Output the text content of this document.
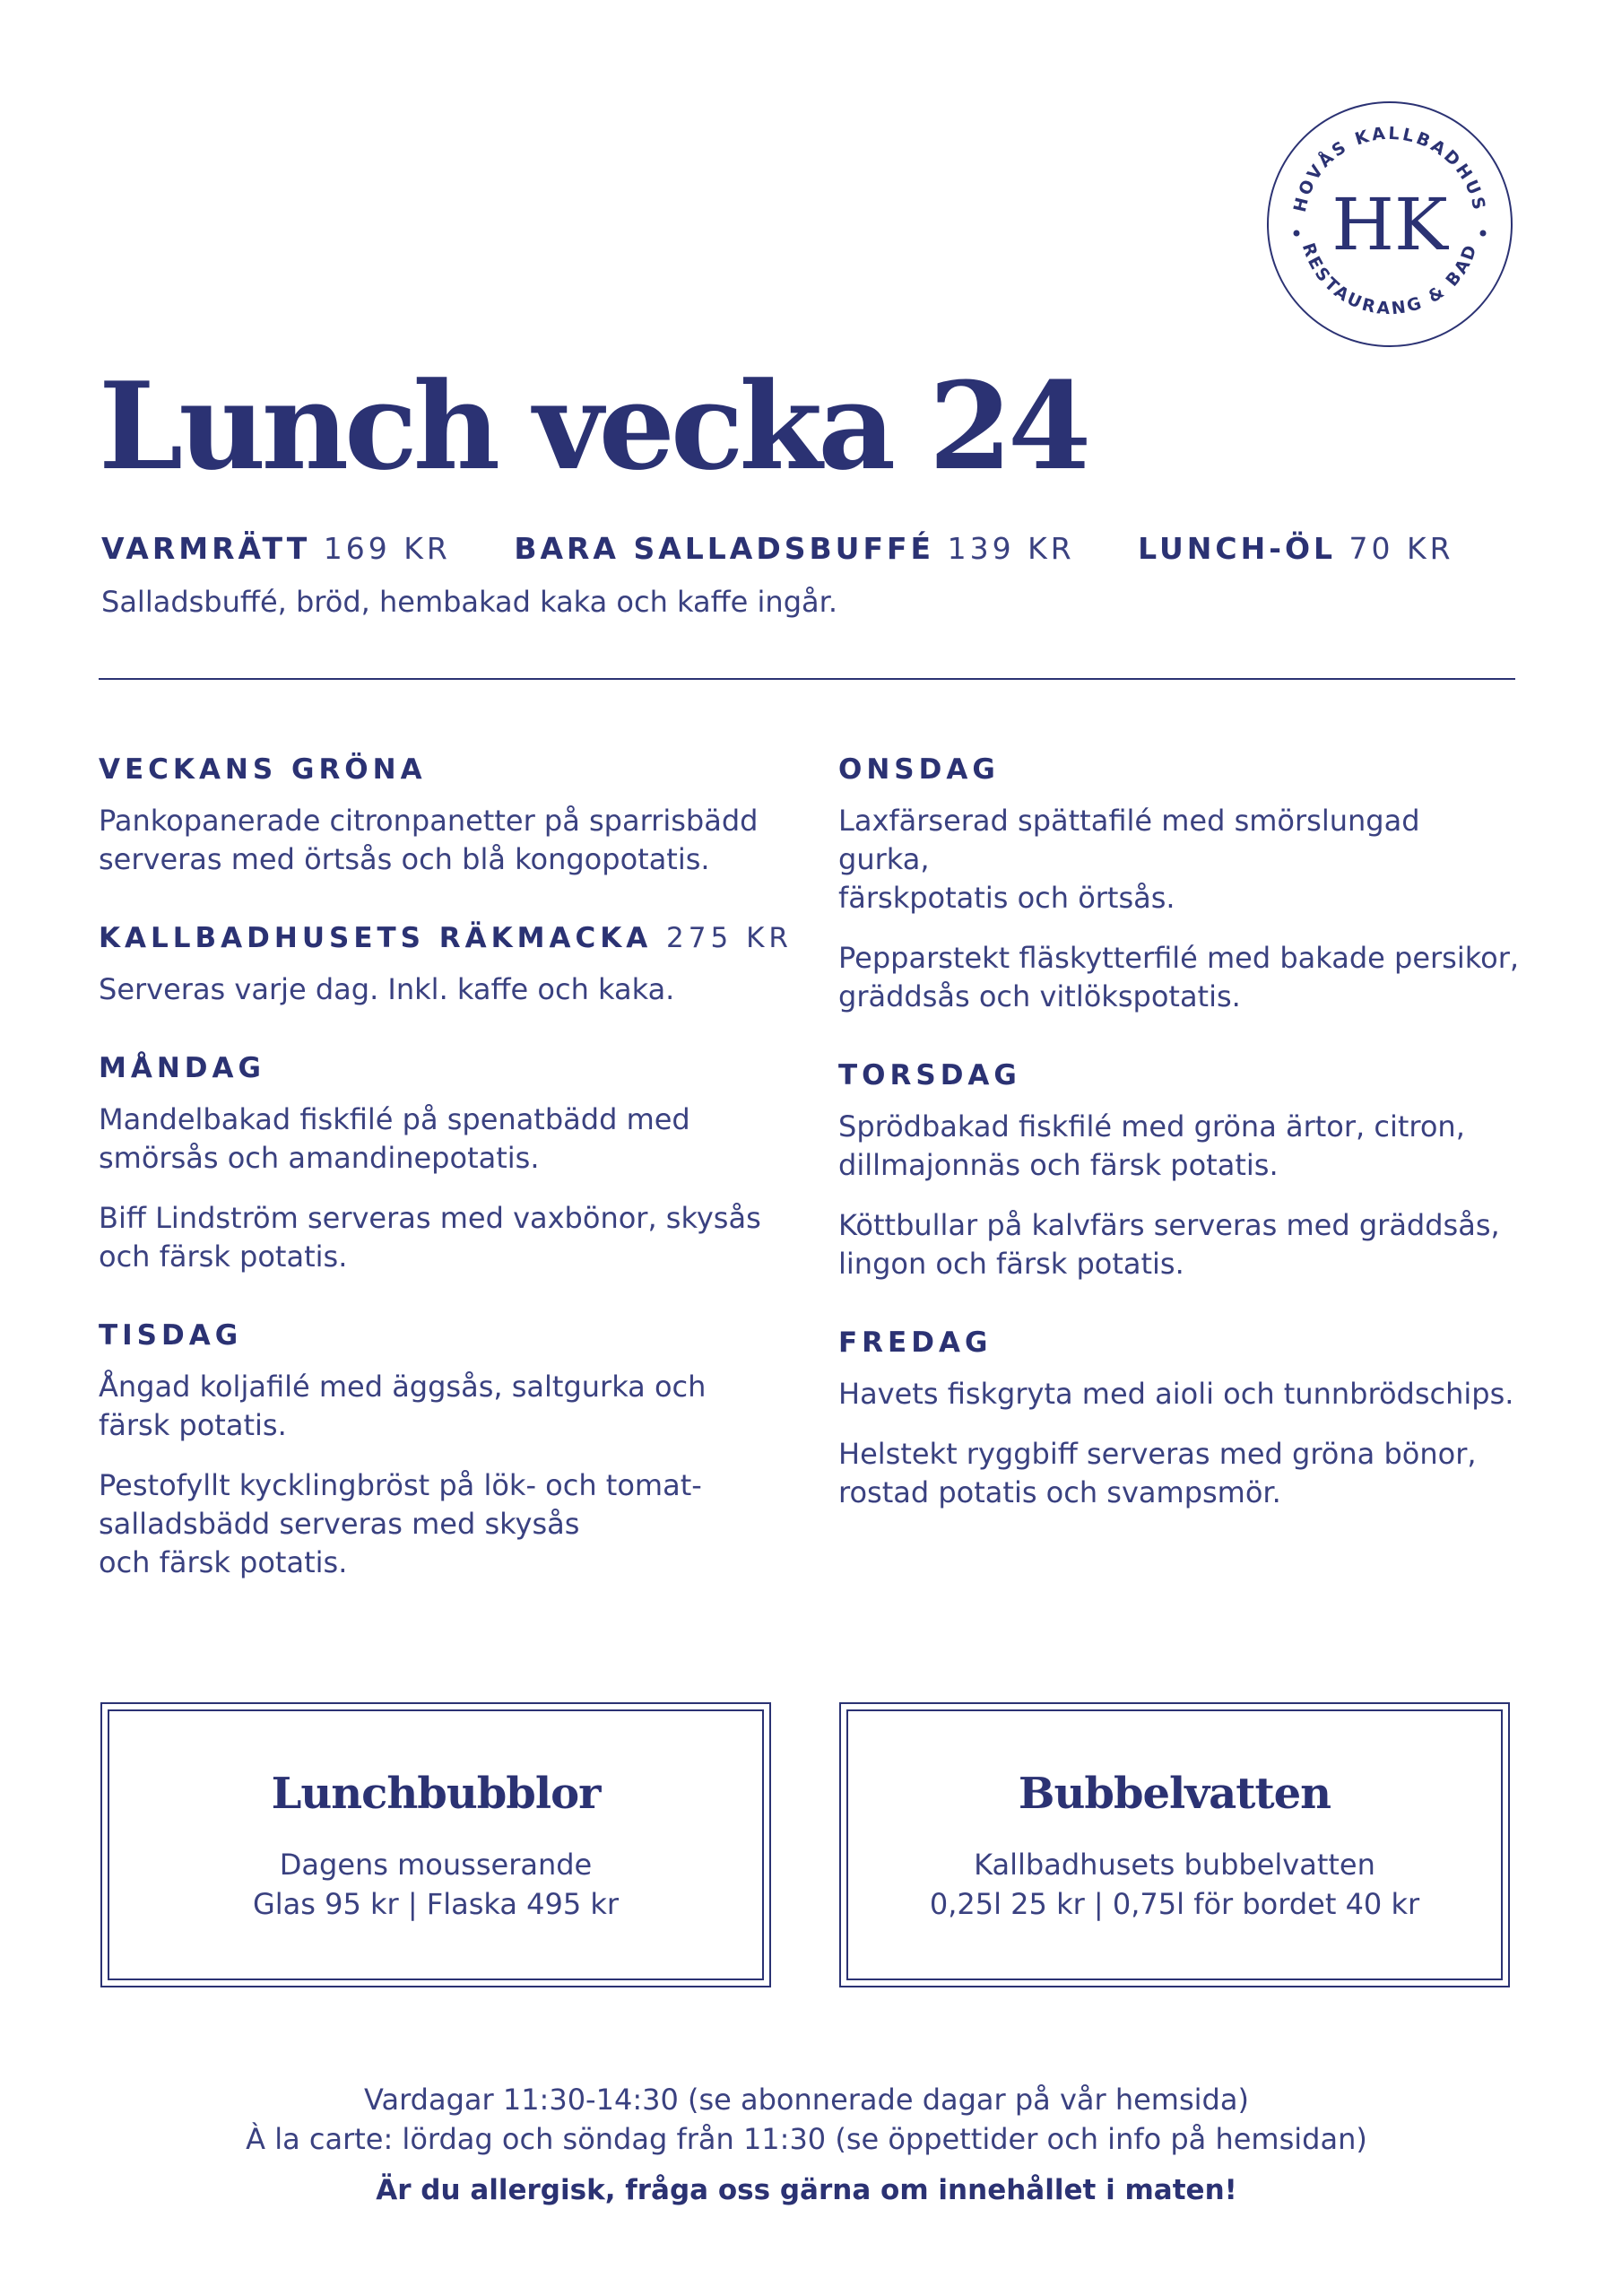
HOVÅS KALLBADHUS
RESTAURANG & BAD
HK
Lunch vecka 24
VARMRÄTT 169 KR BARA SALLADSBUFFÉ 139 KR LUNCH-ÖL 70 KR
Salladsbuffé, bröd, hembakad kaka och kaffe ingår.
VECKANS GRÖNA

Pankopanerade citronpanetter på sparrisbädd
serveras med örtsås och blå kongopotatis.

KALLBADHUSETS RÄKMACKA 275 KR

Serveras varje dag. Inkl. kaffe och kaka.

MÅNDAG

Mandelbakad fiskfilé på spenatbädd med
smörsås och amandinepotatis.

Biff Lindström serveras med vaxbönor, skysås
och färsk potatis.

TISDAG

Ångad koljafilé med äggsås, saltgurka och
färsk potatis.

Pestofyllt kycklingbröst på lök- och tomat-
salladsbädd serveras med skysås
och färsk potatis.

ONSDAG

Laxfärserad spättafilé med smörslungad gurka,
färskpotatis och örtsås.

Pepparstekt fläskytterfilé med bakade persikor,
gräddsås och vitlökspotatis.

TORSDAG

Sprödbakad fiskfilé med gröna ärtor, citron,
dillmajonnäs och färsk potatis.

Köttbullar på kalvfärs serveras med gräddsås,
lingon och färsk potatis.

FREDAG

Havets fiskgryta med aioli och tunnbrödschips.

Helstekt ryggbiff serveras med gröna bönor,
rostad potatis och svampsmör.

Lunchbubblor
Dagens mousserande
Glas 95 kr | Flaska 495 kr
Bubbelvatten
Kallbadhusets bubbelvatten
0,25l 25 kr | 0,75l för bordet 40 kr
Vardagar 11:30-14:30 (se abonnerade dagar på vår hemsida)
À la carte: lördag och söndag från 11:30 (se öppettider och info på hemsidan)
Är du allergisk, fråga oss gärna om innehållet i maten!
